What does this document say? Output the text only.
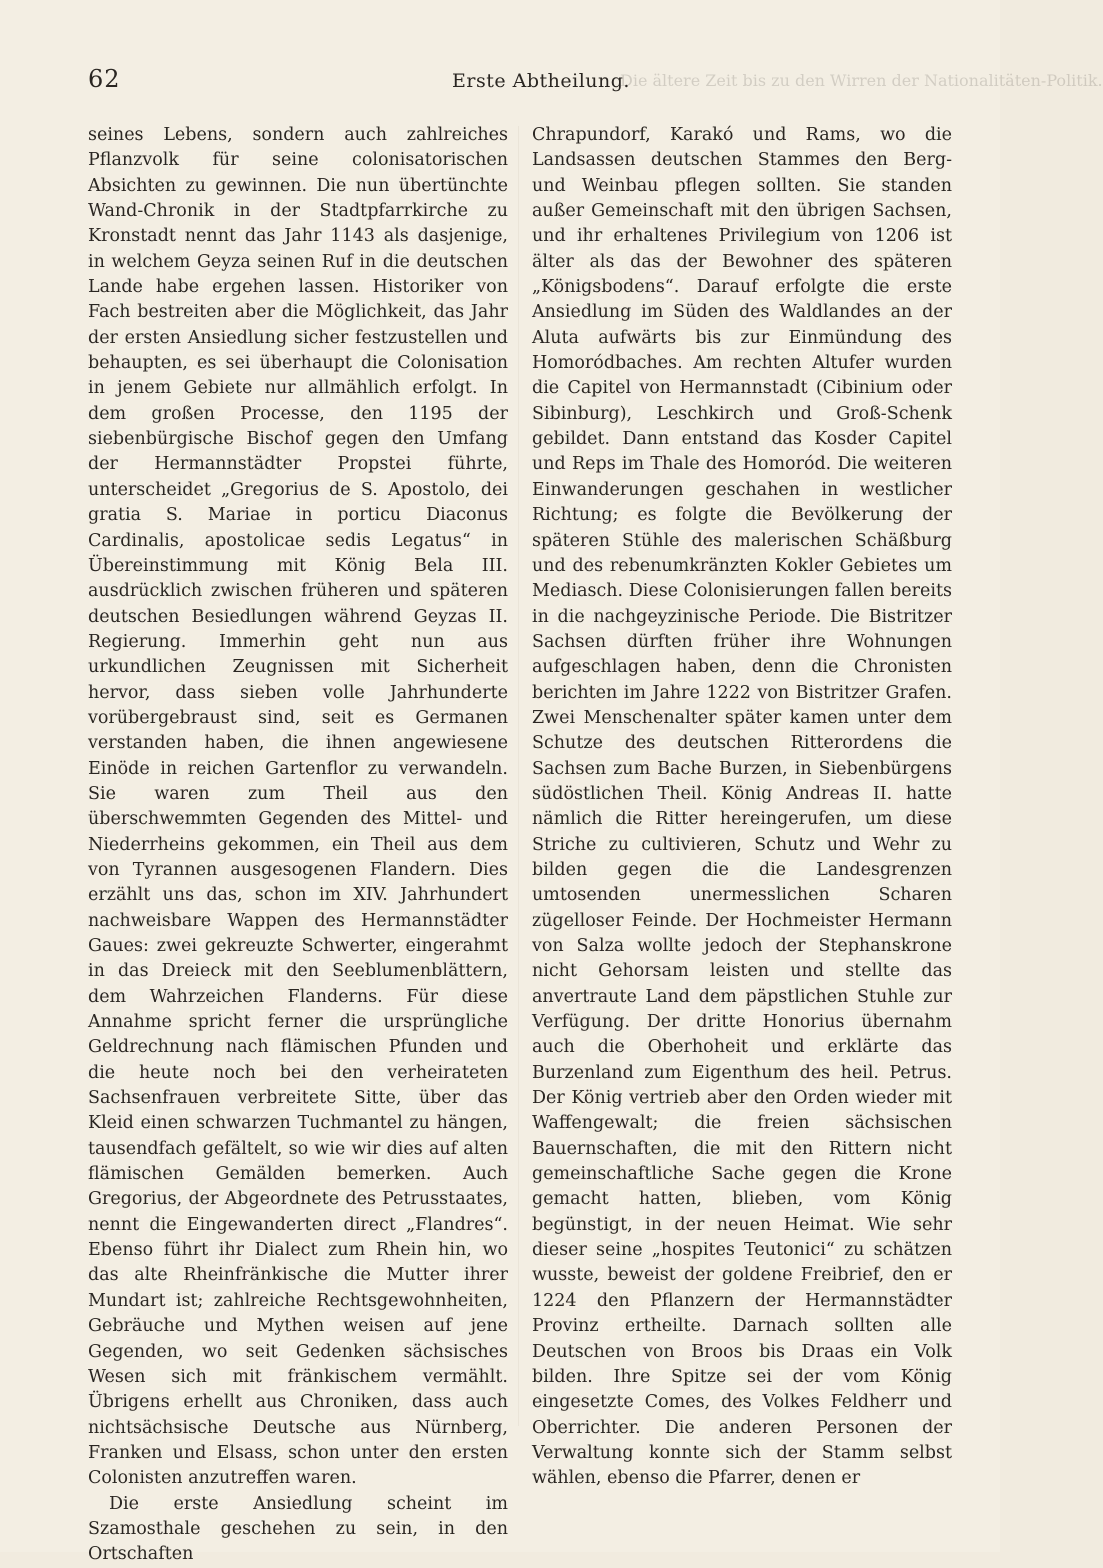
62	Erste Abtheilung.
Die ältere Zeit bis zu den Wirren der Nationalitäten-Politik.

seines Lebens, sondern auch zahlreiches Pflanzvolk für seine colonisatorischen Absichten zu gewinnen. Die nun übertünchte Wand-Chronik in der Stadtpfarrkirche zu Kronstadt nennt das Jahr 1143 als dasjenige, in welchem Geyza seinen Ruf in die deutschen Lande habe ergehen lassen. Historiker von Fach bestreiten aber die Möglichkeit, das Jahr der ersten Ansiedlung sicher festzustellen und behaupten, es sei überhaupt die Colonisation in jenem Gebiete nur allmählich erfolgt. In dem großen Processe, den 1195 der siebenbürgische Bischof gegen den Umfang der Hermannstädter Propstei führte, unterscheidet „Gregorius de S. Apostolo, dei gratia S. Mariae in porticu Diaconus Cardinalis, apostolicae sedis Legatus“ in Übereinstimmung mit König Bela III. ausdrücklich zwischen früheren und späteren deutschen Besiedlungen während Geyzas II. Regierung. Immerhin geht nun aus urkundlichen Zeugnissen mit Sicherheit hervor, dass sieben volle Jahrhunderte vorübergebraust sind, seit es Germanen verstanden haben, die ihnen angewiesene Einöde in reichen Gartenflor zu verwandeln. Sie waren zum Theil aus den überschwemmten Gegenden des Mittel- und Niederrheins gekommen, ein Theil aus dem von Tyrannen ausgesogenen Flandern. Dies erzählt uns das, schon im XIV. Jahrhundert nachweisbare Wappen des Hermannstädter Gaues: zwei gekreuzte Schwerter, eingerahmt in das Dreieck mit den Seeblumenblättern, dem Wahrzeichen Flanderns. Für diese Annahme spricht ferner die ursprüngliche Geldrechnung nach flämischen Pfunden und die heute noch bei den verheirateten Sachsenfrauen verbreitete Sitte, über das Kleid einen schwarzen Tuchmantel zu hängen, tausendfach gefältelt, so wie wir dies auf alten flämischen Gemälden bemerken. Auch Gregorius, der Abgeordnete des Petrusstaates, nennt die Eingewanderten direct „Flandres“. Ebenso führt ihr Dialect zum Rhein hin, wo das alte Rheinfränkische die Mutter ihrer Mundart ist; zahlreiche Rechtsgewohnheiten, Gebräuche und Mythen weisen auf jene Gegenden, wo seit Gedenken sächsisches Wesen sich mit fränkischem vermählt. Übrigens erhellt aus Chroniken, dass auch nichtsächsische Deutsche aus Nürnberg, Franken und Elsass, schon unter den ersten Colonisten anzutreffen waren.

Die erste Ansiedlung scheint im Szamosthale geschehen zu sein, in den Ortschaften

Chrapundorf, Karakó und Rams, wo die Landsassen deutschen Stammes den Berg- und Weinbau pflegen sollten. Sie standen außer Gemeinschaft mit den übrigen Sachsen, und ihr erhaltenes Privilegium von 1206 ist älter als das der Bewohner des späteren „Königsbodens“. Darauf erfolgte die erste Ansiedlung im Süden des Waldlandes an der Aluta aufwärts bis zur Einmündung des Homoródbaches. Am rechten Altufer wurden die Capitel von Hermannstadt (Cibinium oder Sibinburg), Leschkirch und Groß-Schenk gebildet. Dann entstand das Kosder Capitel und Reps im Thale des Homoród. Die weiteren Einwanderungen geschahen in westlicher Richtung; es folgte die Bevölkerung der späteren Stühle des malerischen Schäßburg und des rebenumkränzten Kokler Gebietes um Mediasch. Diese Colonisierungen fallen bereits in die nachgeyzinische Periode. Die Bistritzer Sachsen dürften früher ihre Wohnungen aufgeschlagen haben, denn die Chronisten berichten im Jahre 1222 von Bistritzer Grafen. Zwei Menschenalter später kamen unter dem Schutze des deutschen Ritterordens die Sachsen zum Bache Burzen, in Siebenbürgens südöstlichen Theil. König Andreas II. hatte nämlich die Ritter hereingerufen, um diese Striche zu cultivieren, Schutz und Wehr zu bilden gegen die die Landesgrenzen umtosenden unermesslichen Scharen zügelloser Feinde. Der Hochmeister Hermann von Salza wollte jedoch der Stephanskrone nicht Gehorsam leisten und stellte das anvertraute Land dem päpstlichen Stuhle zur Verfügung. Der dritte Honorius übernahm auch die Oberhoheit und erklärte das Burzenland zum Eigenthum des heil. Petrus. Der König vertrieb aber den Orden wieder mit Waffengewalt; die freien sächsischen Bauernschaften, die mit den Rittern nicht gemeinschaftliche Sache gegen die Krone gemacht hatten, blieben, vom König begünstigt, in der neuen Heimat. Wie sehr dieser seine „hospites Teutonici“ zu schätzen wusste, beweist der goldene Freibrief, den er 1224 den Pflanzern der Hermannstädter Provinz ertheilte. Darnach sollten alle Deutschen von Broos bis Draas ein Volk bilden. Ihre Spitze sei der vom König eingesetzte Comes, des Volkes Feldherr und Oberrichter. Die anderen Personen der Verwaltung konnte sich der Stamm selbst wählen, ebenso die Pfarrer, denen er
